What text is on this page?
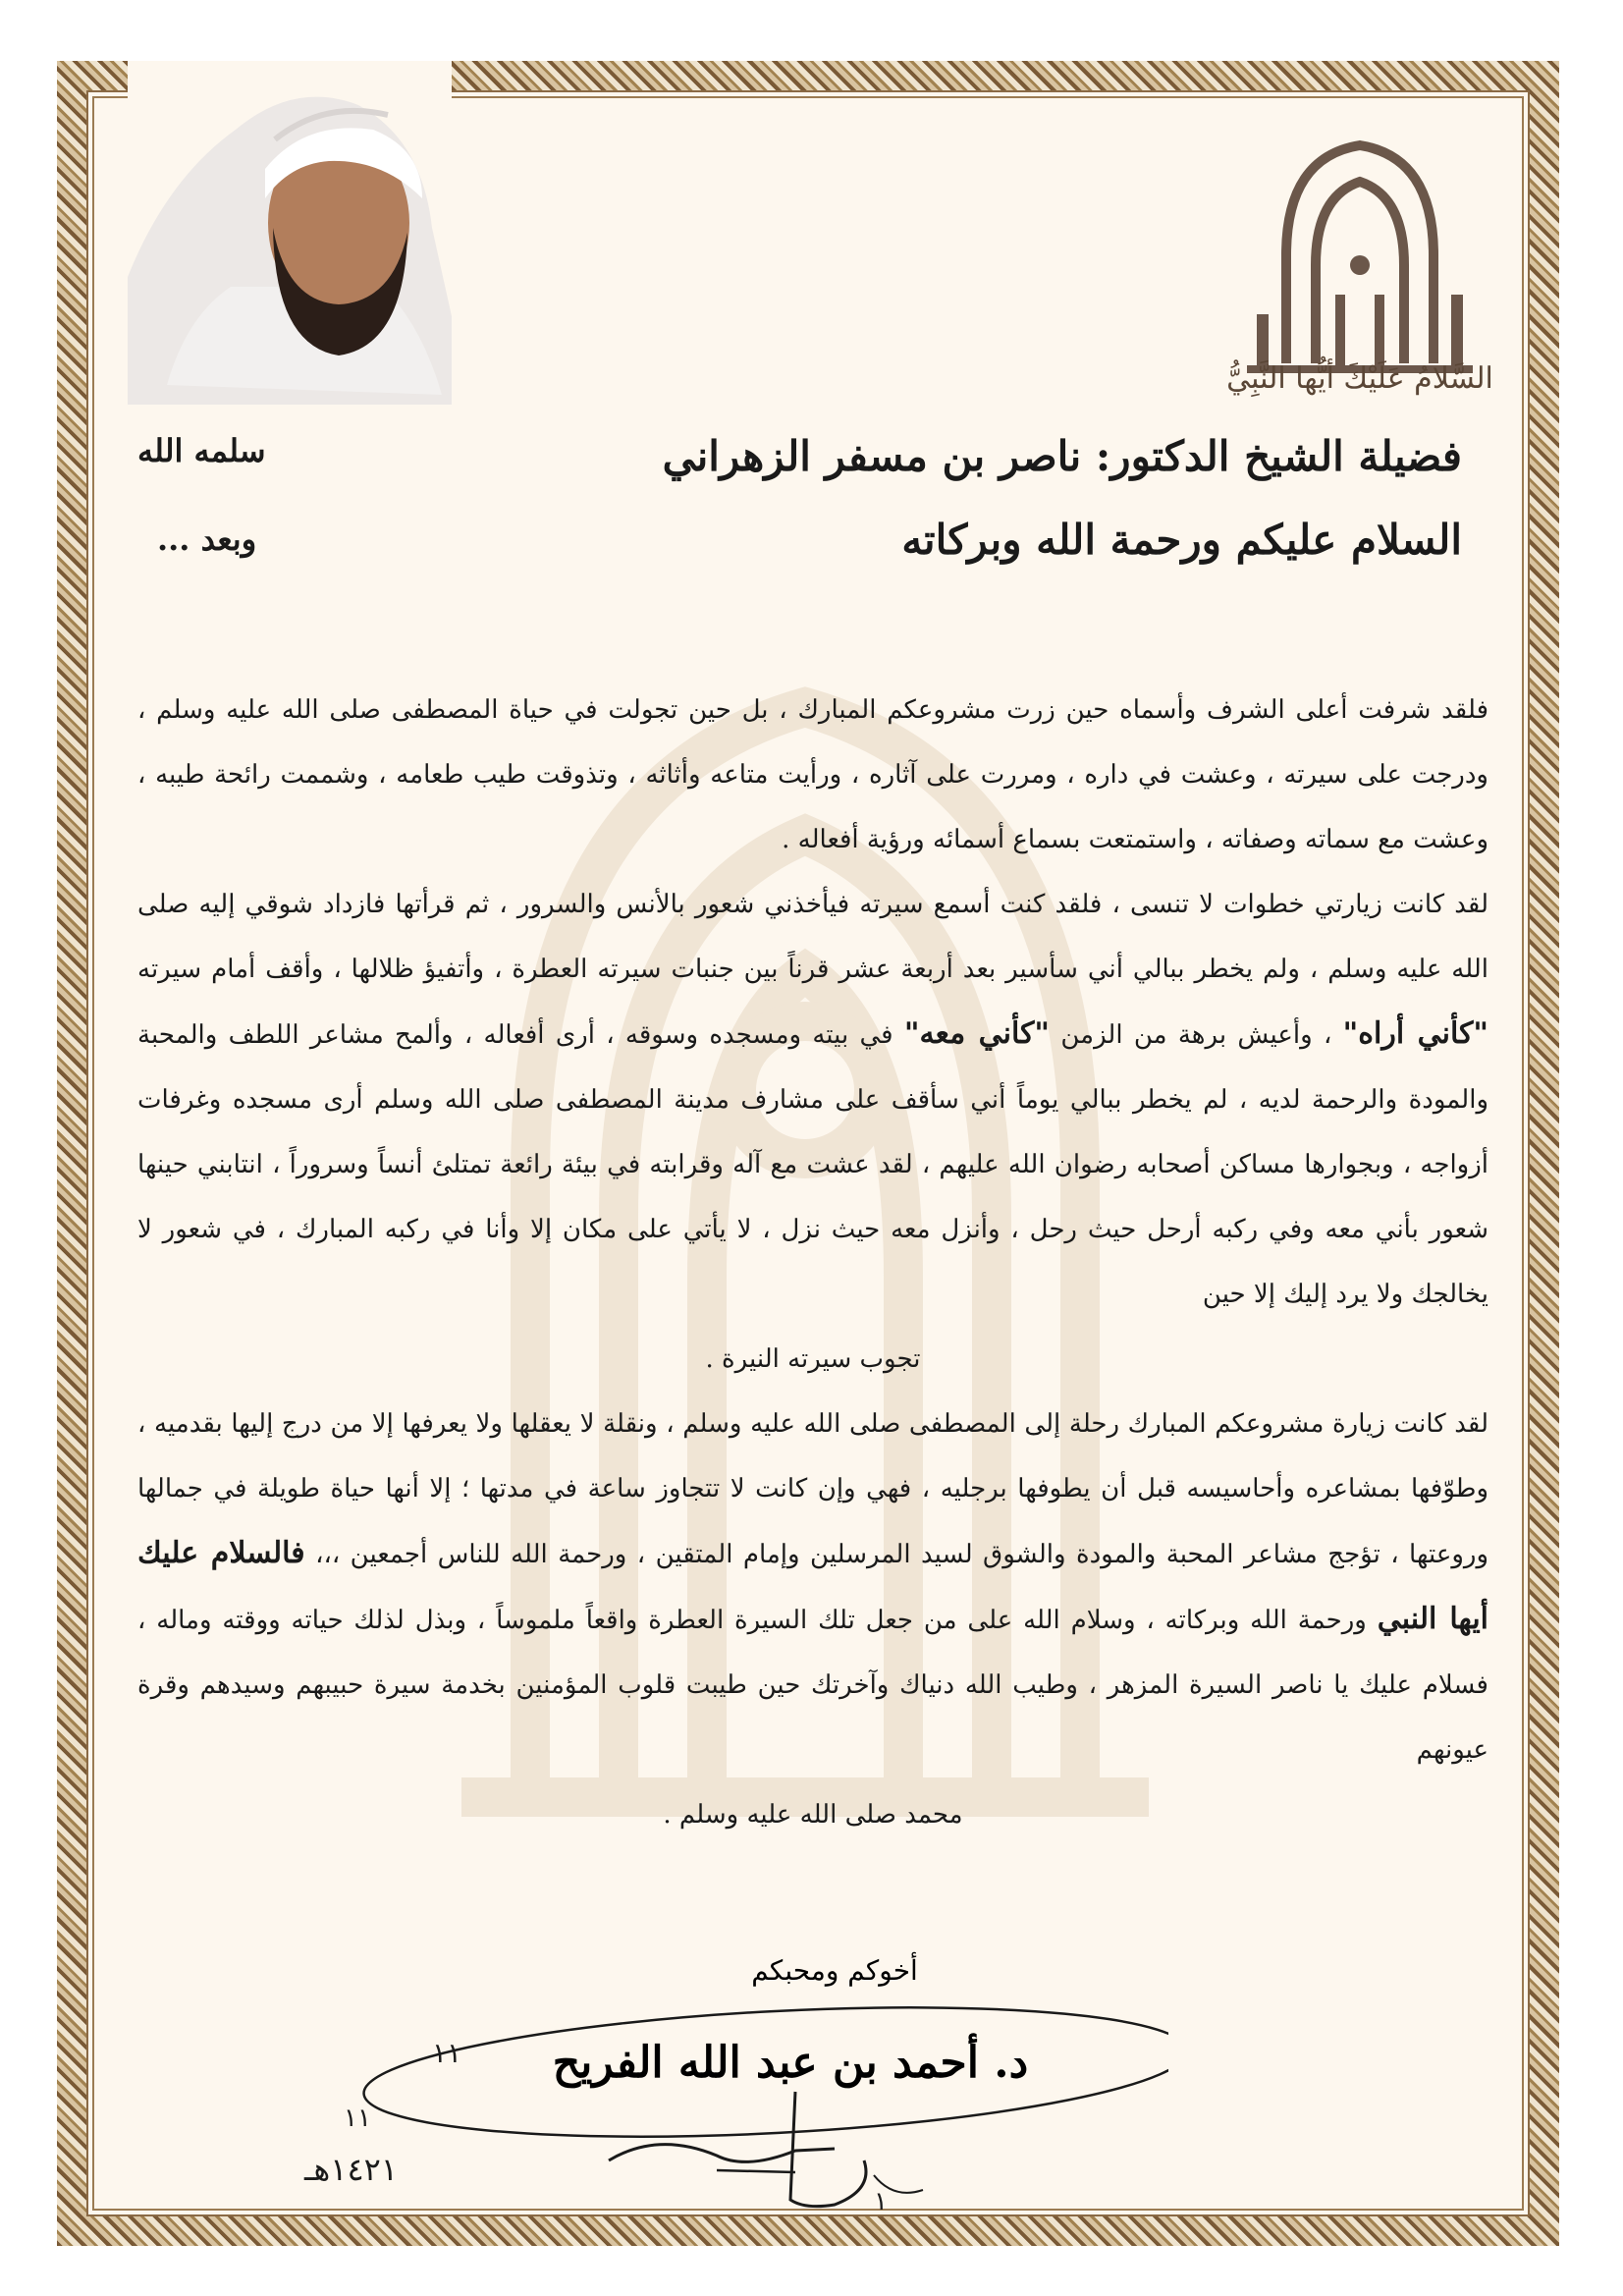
السَّلامُ عَلَيْكَ أيُّها النَّبِيُّ
فضيلة الشيخ الدكتور: ناصر بن مسفر الزهراني
سلمه الله
السلام عليكم ورحمة الله وبركاته
وبعد ...

فلقد شرفت أعلى الشرف وأسماه حين زرت مشروعكم المبارك ، بل حين تجولت في حياة المصطفى صلى الله عليه وسلم ، ودرجت على سيرته ، وعشت في داره ، ومررت على آثاره ، ورأيت متاعه وأثاثه ، وتذوقت طيب طعامه ، وشممت رائحة طيبه ، وعشت مع سماته وصفاته ، واستمتعت بسماع أسمائه ورؤية أفعاله .

لقد كانت زيارتي خطوات لا تنسى ، فلقد كنت أسمع سيرته فيأخذني شعور بالأنس والسرور ، ثم قرأتها فازداد شوقي إليه صلى الله عليه وسلم ، ولم يخطر ببالي أني سأسير بعد أربعة عشر قرناً بين جنبات سيرته العطرة ، وأتفيؤ ظلالها ، وأقف أمام سيرته "كأني أراه" ، وأعيش برهة من الزمن "كأني معه" في بيته ومسجده وسوقه ، أرى أفعاله ، وألمح مشاعر اللطف والمحبة والمودة والرحمة لديه ، لم يخطر ببالي يوماً أني سأقف على مشارف مدينة المصطفى صلى الله وسلم أرى مسجده وغرفات أزواجه ، وبجوارها مساكن أصحابه رضوان الله عليهم ، لقد عشت مع آله وقرابته في بيئة رائعة تمتلئ أنساً وسروراً ، انتابني حينها شعور بأني معه وفي ركبه أرحل حيث رحل ، وأنزل معه حيث نزل ، لا يأتي على مكان إلا وأنا في ركبه المبارك ، في شعور لا يخالجك ولا يرد إليك إلا حين

تجوب سيرته النيرة .

لقد كانت زيارة مشروعكم المبارك رحلة إلى المصطفى صلى الله عليه وسلم ، ونقلة لا يعقلها ولا يعرفها إلا من درج إليها بقدميه ، وطوّفها بمشاعره وأحاسيسه قبل أن يطوفها برجليه ، فهي وإن كانت لا تتجاوز ساعة في مدتها ؛ إلا أنها حياة طويلة في جمالها وروعتها ، تؤجج مشاعر المحبة والمودة والشوق لسيد المرسلين وإمام المتقين ، ورحمة الله للناس أجمعين ،،، فالسلام عليك أيها النبي ورحمة الله وبركاته ، وسلام الله على من جعل تلك السيرة العطرة واقعاً ملموساً ، وبذل لذلك حياته ووقته وماله ، فسلام عليك يا ناصر السيرة المزهر ، وطيب الله دنياك وآخرتك حين طيبت قلوب المؤمنين بخدمة سيرة حبيبهم وسيدهم وقرة عيونهم

محمد صلى الله عليه وسلم .

أخوكم ومحبكم
١١
١١
١
١٤٢١هـ
د. أحمد بن عبد الله الفريح
